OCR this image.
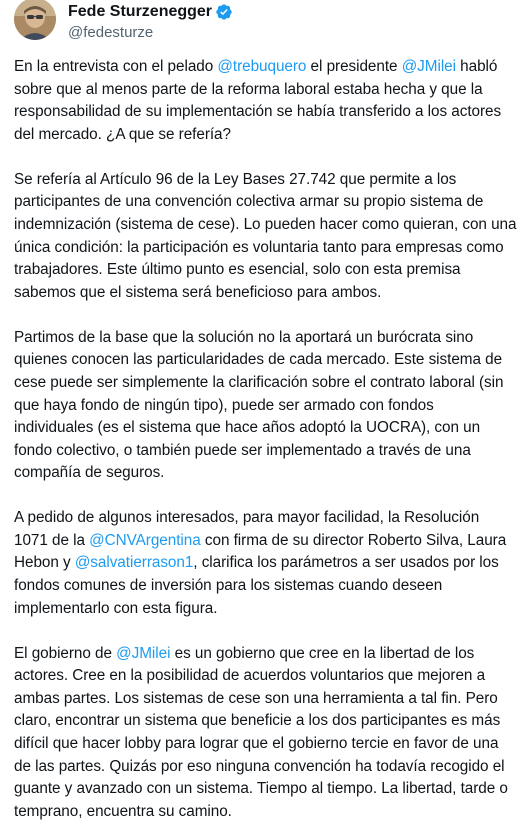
Fede Sturzenegger
@fedesturze

En la entrevista con el pelado @trebuquero el presidente @JMilei habló sobre que al menos parte de la reforma laboral estaba hecha y que la responsabilidad de su implementación se había transferido a los actores del mercado. ¿A que se refería?

Se refería al Artículo 96 de la Ley Bases 27.742 que permite a los participantes de una convención colectiva armar su propio sistema de indemnización (sistema de cese). Lo pueden hacer como quieran, con una única condición: la participación es voluntaria tanto para empresas como trabajadores. Este último punto es esencial, solo con esta premisa sabemos que el sistema será beneficioso para ambos.

Partimos de la base que la solución no la aportará un burócrata sino quienes conocen las particularidades de cada mercado. Este sistema de cese puede ser simplemente la clarificación sobre el contrato laboral (sin que haya fondo de ningún tipo), puede ser armado con fondos individuales (es el sistema que hace años adoptó la UOCRA), con un fondo colectivo, o también puede ser implementado a través de una compañía de seguros.

A pedido de algunos interesados, para mayor facilidad, la Resolución 1071 de la @CNVArgentina con firma de su director Roberto Silva, Laura Hebon y @salvatierrason1, clarifica los parámetros a ser usados por los fondos comunes de inversión para los sistemas cuando deseen implementarlo con esta figura.

El gobierno de @JMilei es un gobierno que cree en la libertad de los actores. Cree en la posibilidad de acuerdos voluntarios que mejoren a ambas partes. Los sistemas de cese son una herramienta a tal fin. Pero claro, encontrar un sistema que beneficie a los dos participantes es más difícil que hacer lobby para lograr que el gobierno tercie en favor de una de las partes. Quizás por eso ninguna convención ha todavía recogido el guante y avanzado con un sistema. Tiempo al tiempo. La libertad, tarde o temprano, encuentra su camino.
